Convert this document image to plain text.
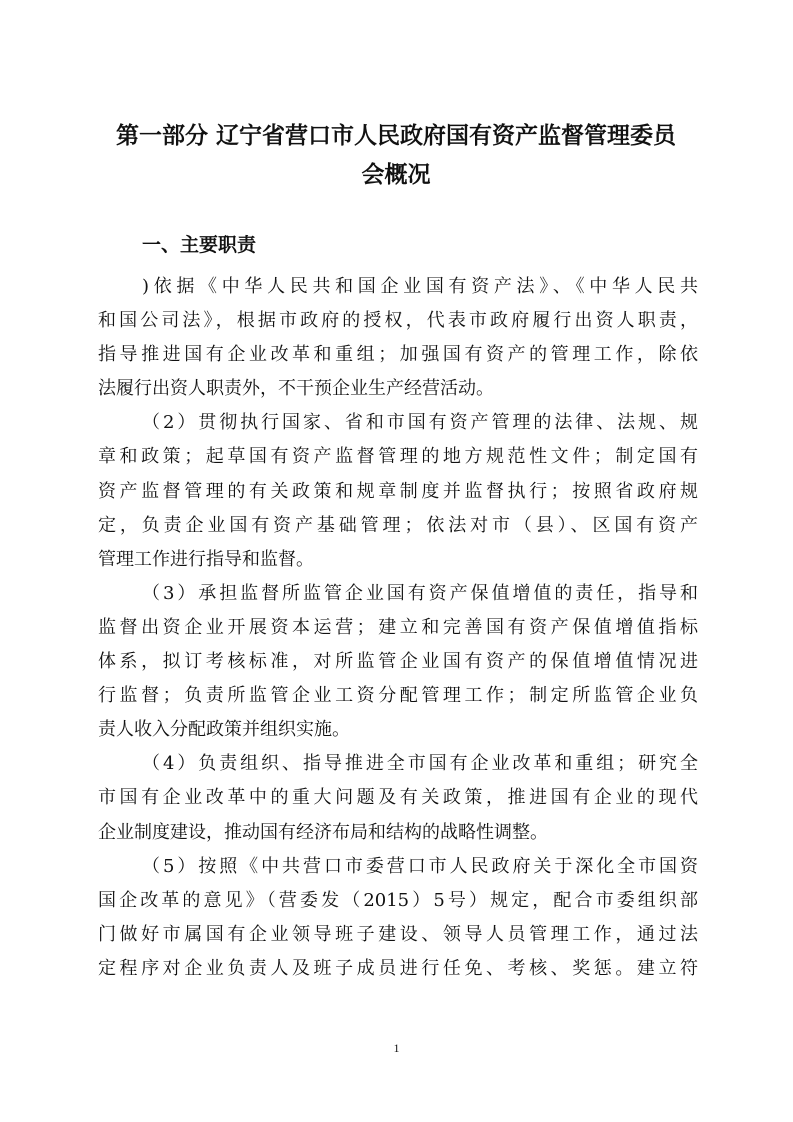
第一部分 辽宁省营口市人民政府国有资产监督管理委员
会概况
一、主要职责
)依据《中华人民共和国企业国有资产法》、《中华人民共
和国公司法》，根据市政府的授权，代表市政府履行出资人职责，
指导推进国有企业改革和重组；加强国有资产的管理工作，除依
法履行出资人职责外，不干预企业生产经营活动。
（2）贯彻执行国家、省和市国有资产管理的法律、法规、规
章和政策；起草国有资产监督管理的地方规范性文件；制定国有
资产监督管理的有关政策和规章制度并监督执行；按照省政府规
定，负责企业国有资产基础管理；依法对市（县）、区国有资产
管理工作进行指导和监督。
（3）承担监督所监管企业国有资产保值增值的责任，指导和
监督出资企业开展资本运营；建立和完善国有资产保值增值指标
体系，拟订考核标准，对所监管企业国有资产的保值增值情况进
行监督；负责所监管企业工资分配管理工作；制定所监管企业负
责人收入分配政策并组织实施。
（4）负责组织、指导推进全市国有企业改革和重组；研究全
市国有企业改革中的重大问题及有关政策，推进国有企业的现代
企业制度建设，推动国有经济布局和结构的战略性调整。
（5）按照《中共营口市委营口市人民政府关于深化全市国资
国企改革的意见》（营委发（2015）5号）规定，配合市委组织部
门做好市属国有企业领导班子建设、领导人员管理工作，通过法
定程序对企业负责人及班子成员进行任免、考核、奖惩。建立符
1
